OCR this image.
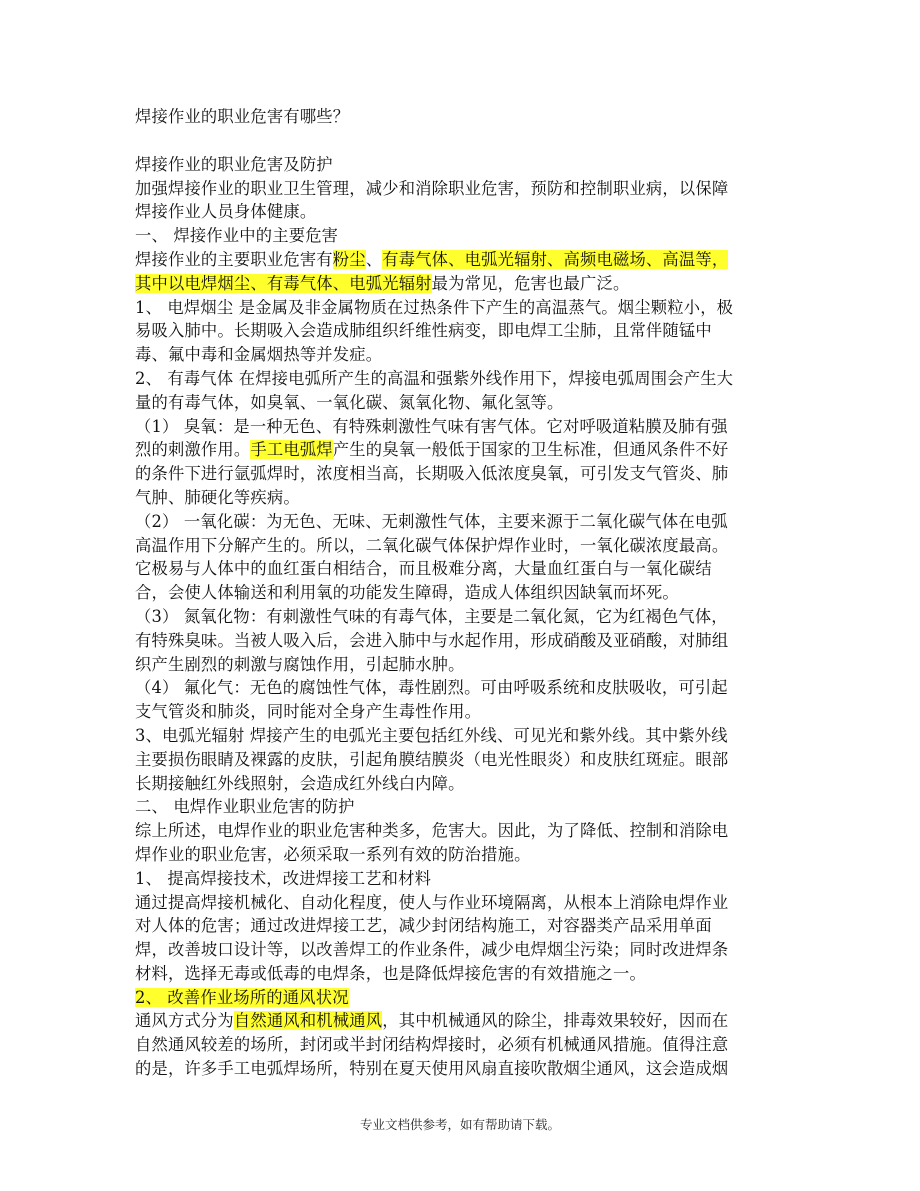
焊接作业的职业危害有哪些？
焊接作业的职业危害及防护
加强焊接作业的职业卫生管理，减少和消除职业危害，预防和控制职业病，以保障
焊接作业人员身体健康。
一、 焊接作业中的主要危害
焊接作业的主要职业危害有粉尘、有毒气体、电弧光辐射、高频电磁场、高温等，
其中以电焊烟尘、有毒气体、电弧光辐射最为常见，危害也最广泛。
1、 电焊烟尘 是金属及非金属物质在过热条件下产生的高温蒸气。烟尘颗粒小，极
易吸入肺中。长期吸入会造成肺组织纤维性病变，即电焊工尘肺，且常伴随锰中
毒、氟中毒和金属烟热等并发症。
2、 有毒气体 在焊接电弧所产生的高温和强紫外线作用下，焊接电弧周围会产生大
量的有毒气体，如臭氧、一氧化碳、氮氧化物、氟化氢等。
（1） 臭氧：是一种无色、有特殊刺激性气味有害气体。它对呼吸道粘膜及肺有强
烈的刺激作用。手工电弧焊产生的臭氧一般低于国家的卫生标准，但通风条件不好
的条件下进行氩弧焊时，浓度相当高，长期吸入低浓度臭氧，可引发支气管炎、肺
气肿、肺硬化等疾病。
（2） 一氧化碳：为无色、无味、无刺激性气体，主要来源于二氧化碳气体在电弧
高温作用下分解产生的。所以，二氧化碳气体保护焊作业时，一氧化碳浓度最高。
它极易与人体中的血红蛋白相结合，而且极难分离，大量血红蛋白与一氧化碳结
合，会使人体输送和利用氧的功能发生障碍，造成人体组织因缺氧而坏死。
（3） 氮氧化物：有刺激性气味的有毒气体，主要是二氧化氮，它为红褐色气体，
有特殊臭味。当被人吸入后，会进入肺中与水起作用，形成硝酸及亚硝酸，对肺组
织产生剧烈的刺激与腐蚀作用，引起肺水肿。
（4） 氟化气：无色的腐蚀性气体，毒性剧烈。可由呼吸系统和皮肤吸收，可引起
支气管炎和肺炎，同时能对全身产生毒性作用。
3、电弧光辐射 焊接产生的电弧光主要包括红外线、可见光和紫外线。其中紫外线
主要损伤眼睛及裸露的皮肤，引起角膜结膜炎（电光性眼炎）和皮肤红斑症。眼部
长期接触红外线照射，会造成红外线白内障。
二、 电焊作业职业危害的防护
综上所述，电焊作业的职业危害种类多，危害大。因此，为了降低、控制和消除电
焊作业的职业危害，必须采取一系列有效的防治措施。
1、 提高焊接技术，改进焊接工艺和材料
通过提高焊接机械化、自动化程度，使人与作业环境隔离，从根本上消除电焊作业
对人体的危害；通过改进焊接工艺，减少封闭结构施工，对容器类产品采用单面
焊，改善坡口设计等，以改善焊工的作业条件，减少电焊烟尘污染；同时改进焊条
材料，选择无毒或低毒的电焊条，也是降低焊接危害的有效措施之一。
2、 改善作业场所的通风状况
通风方式分为自然通风和机械通风，其中机械通风的除尘，排毒效果较好，因而在
自然通风较差的场所，封闭或半封闭结构焊接时，必须有机械通风措施。值得注意
的是，许多手工电弧焊场所，特别在夏天使用风扇直接吹散烟尘通风，这会造成烟
专业文档供参考，如有帮助请下载。
